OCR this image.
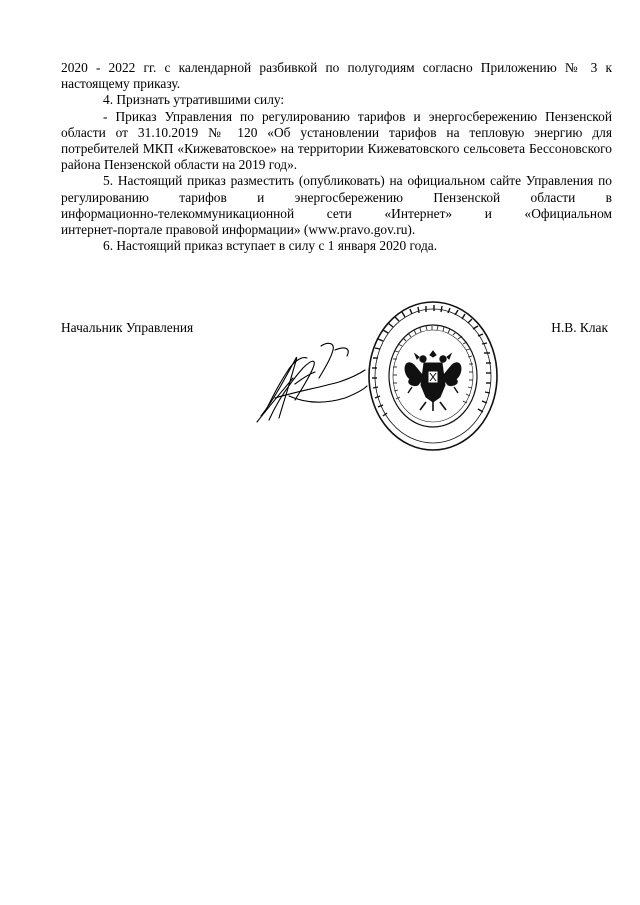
2020 - 2022 гг. с календарной разбивкой по полугодиям согласно Приложению № 3 к настоящему приказу.

4. Признать утратившими силу:

- Приказ Управления по регулированию тарифов и энергосбережению Пензенской области от 31.10.2019 № 120 «Об установлении тарифов на тепловую энергию для потребителей МКП «Кижеватовское» на территории Кижеватовского сельсовета Бессоновского района Пензенской области на 2019 год».

5. Настоящий приказ разместить (опубликовать) на официальном сайте Управления по регулированию тарифов и энергосбережению Пензенской области в

информационно-телекоммуникационной сети «Интернет» и «Официальном

интернет-портале правовой информации» (www.pravo.gov.ru).

6. Настоящий приказ вступает в силу с 1 января 2020 года.

Начальник Управления	Н.В. Клак
